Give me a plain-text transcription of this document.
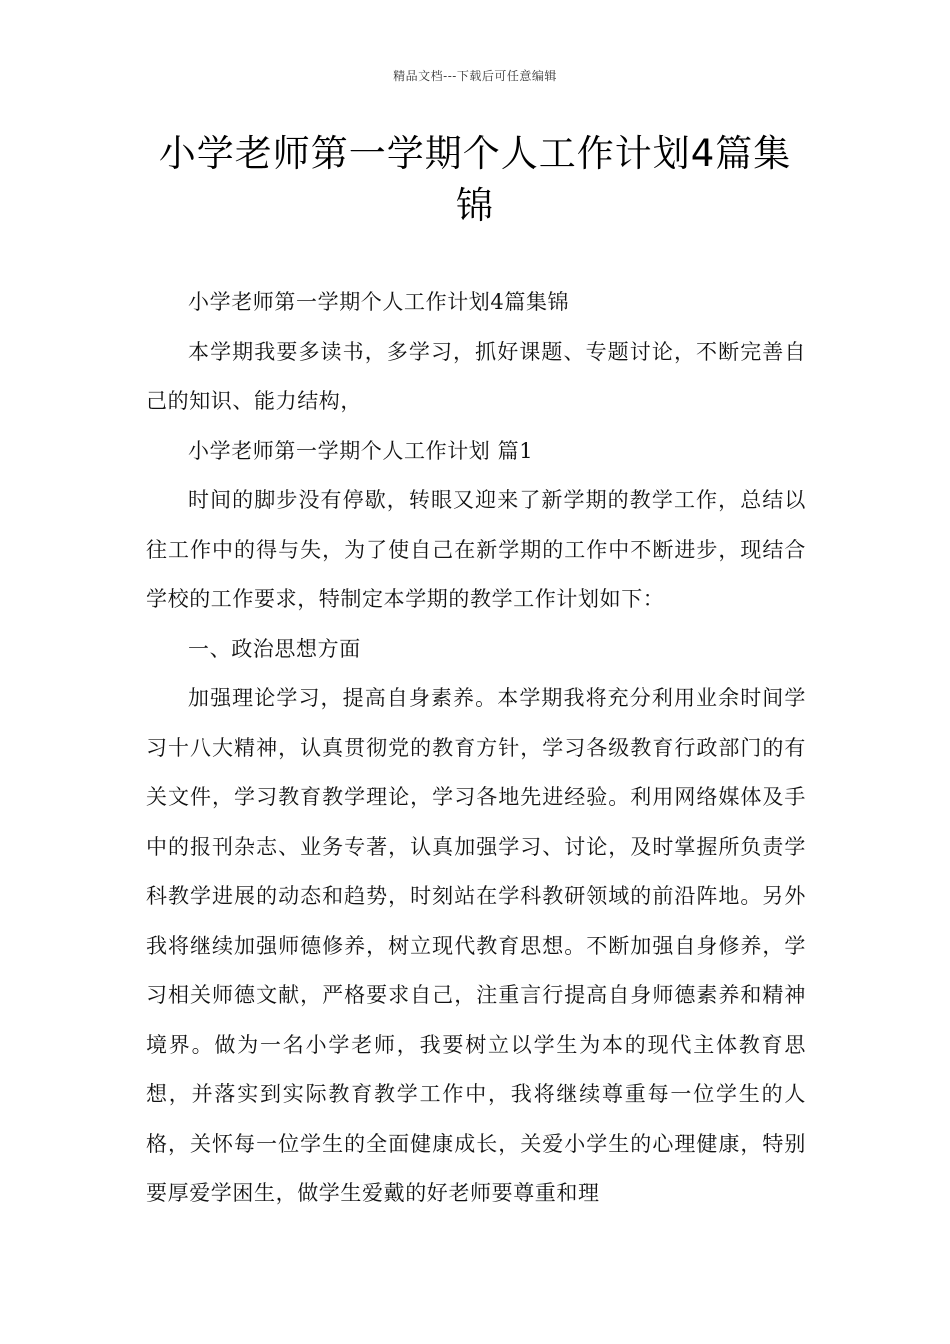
精品文档---下载后可任意编辑
小学老师第一学期个人工作计划4篇集锦

小学老师第一学期个人工作计划4篇集锦

本学期我要多读书，多学习，抓好课题、专题讨论，不断完善自己的知识、能力结构，

小学老师第一学期个人工作计划 篇1

时间的脚步没有停歇，转眼又迎来了新学期的教学工作，总结以往工作中的得与失，为了使自己在新学期的工作中不断进步，现结合学校的工作要求，特制定本学期的教学工作计划如下：

一、政治思想方面

加强理论学习，提高自身素养。本学期我将充分利用业余时间学习十八大精神，认真贯彻党的教育方针，学习各级教育行政部门的有关文件，学习教育教学理论，学习各地先进经验。利用网络媒体及手中的报刊杂志、业务专著，认真加强学习、讨论，及时掌握所负责学科教学进展的动态和趋势，时刻站在学科教研领域的前沿阵地。另外我将继续加强师德修养，树立现代教育思想。不断加强自身修养，学习相关师德文献，严格要求自己，注重言行提高自身师德素养和精神境界。做为一名小学老师，我要树立以学生为本的现代主体教育思想，并落实到实际教育教学工作中，我将继续尊重每一位学生的人格，关怀每一位学生的全面健康成长，关爱小学生的心理健康，特别要厚爱学困生，做学生爱戴的好老师要尊重和理
